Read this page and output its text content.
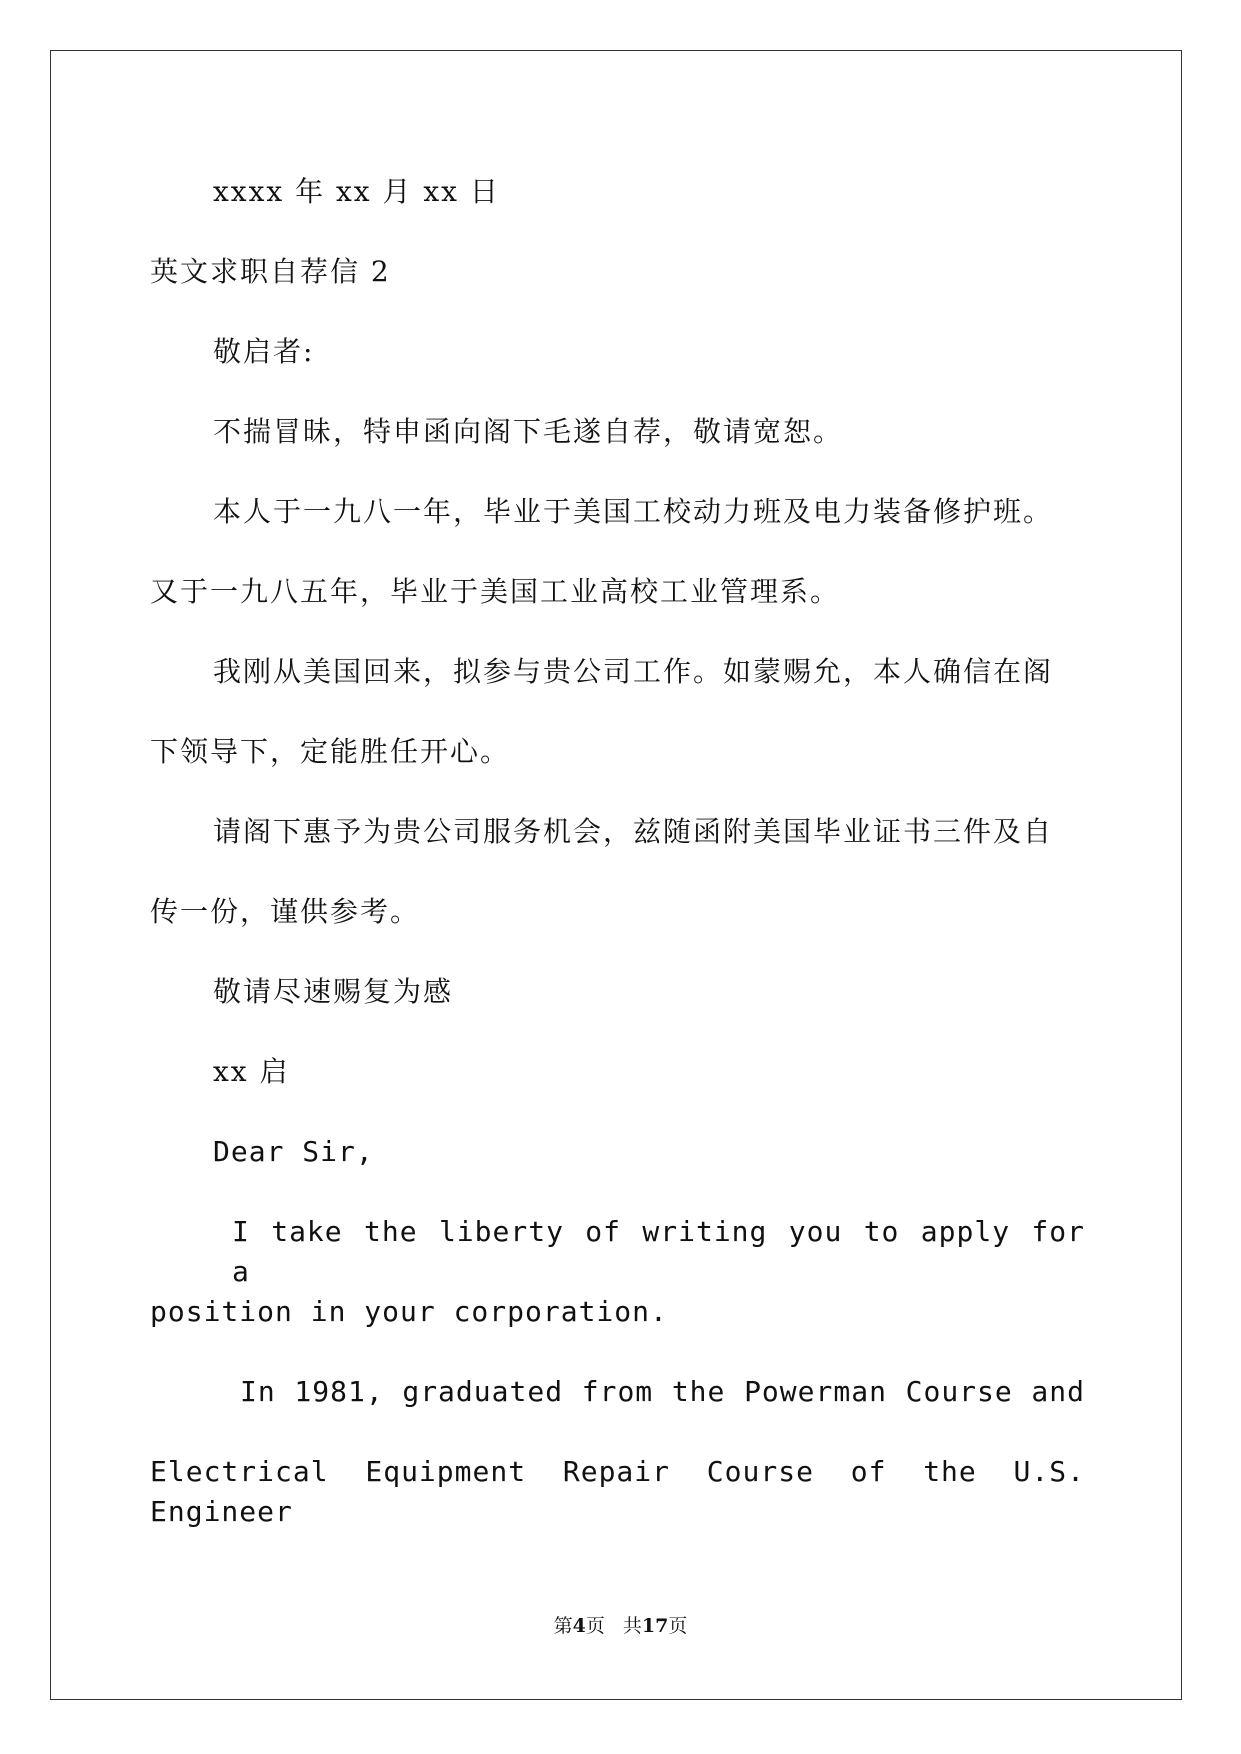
xxxx 年 xx 月 xx 日
英文求职自荐信 2
敬启者:
不揣冒昧，特申函向阁下毛遂自荐，敬请宽恕。
本人于一九八一年，毕业于美国工校动力班及电力装备修护班。
又于一九八五年，毕业于美国工业高校工业管理系。
我刚从美国回来，拟参与贵公司工作。如蒙赐允，本人确信在阁
下领导下，定能胜任开心。
请阁下惠予为贵公司服务机会，兹随函附美国毕业证书三件及自
传一份，谨供参考。
敬请尽速赐复为感
xx 启
Dear Sir,
I take the liberty of writing you to apply for a
position in your corporation.
In 1981, graduated from the Powerman Course and
Electrical Equipment Repair Course of the U.S. Engineer
第4页 共17页
